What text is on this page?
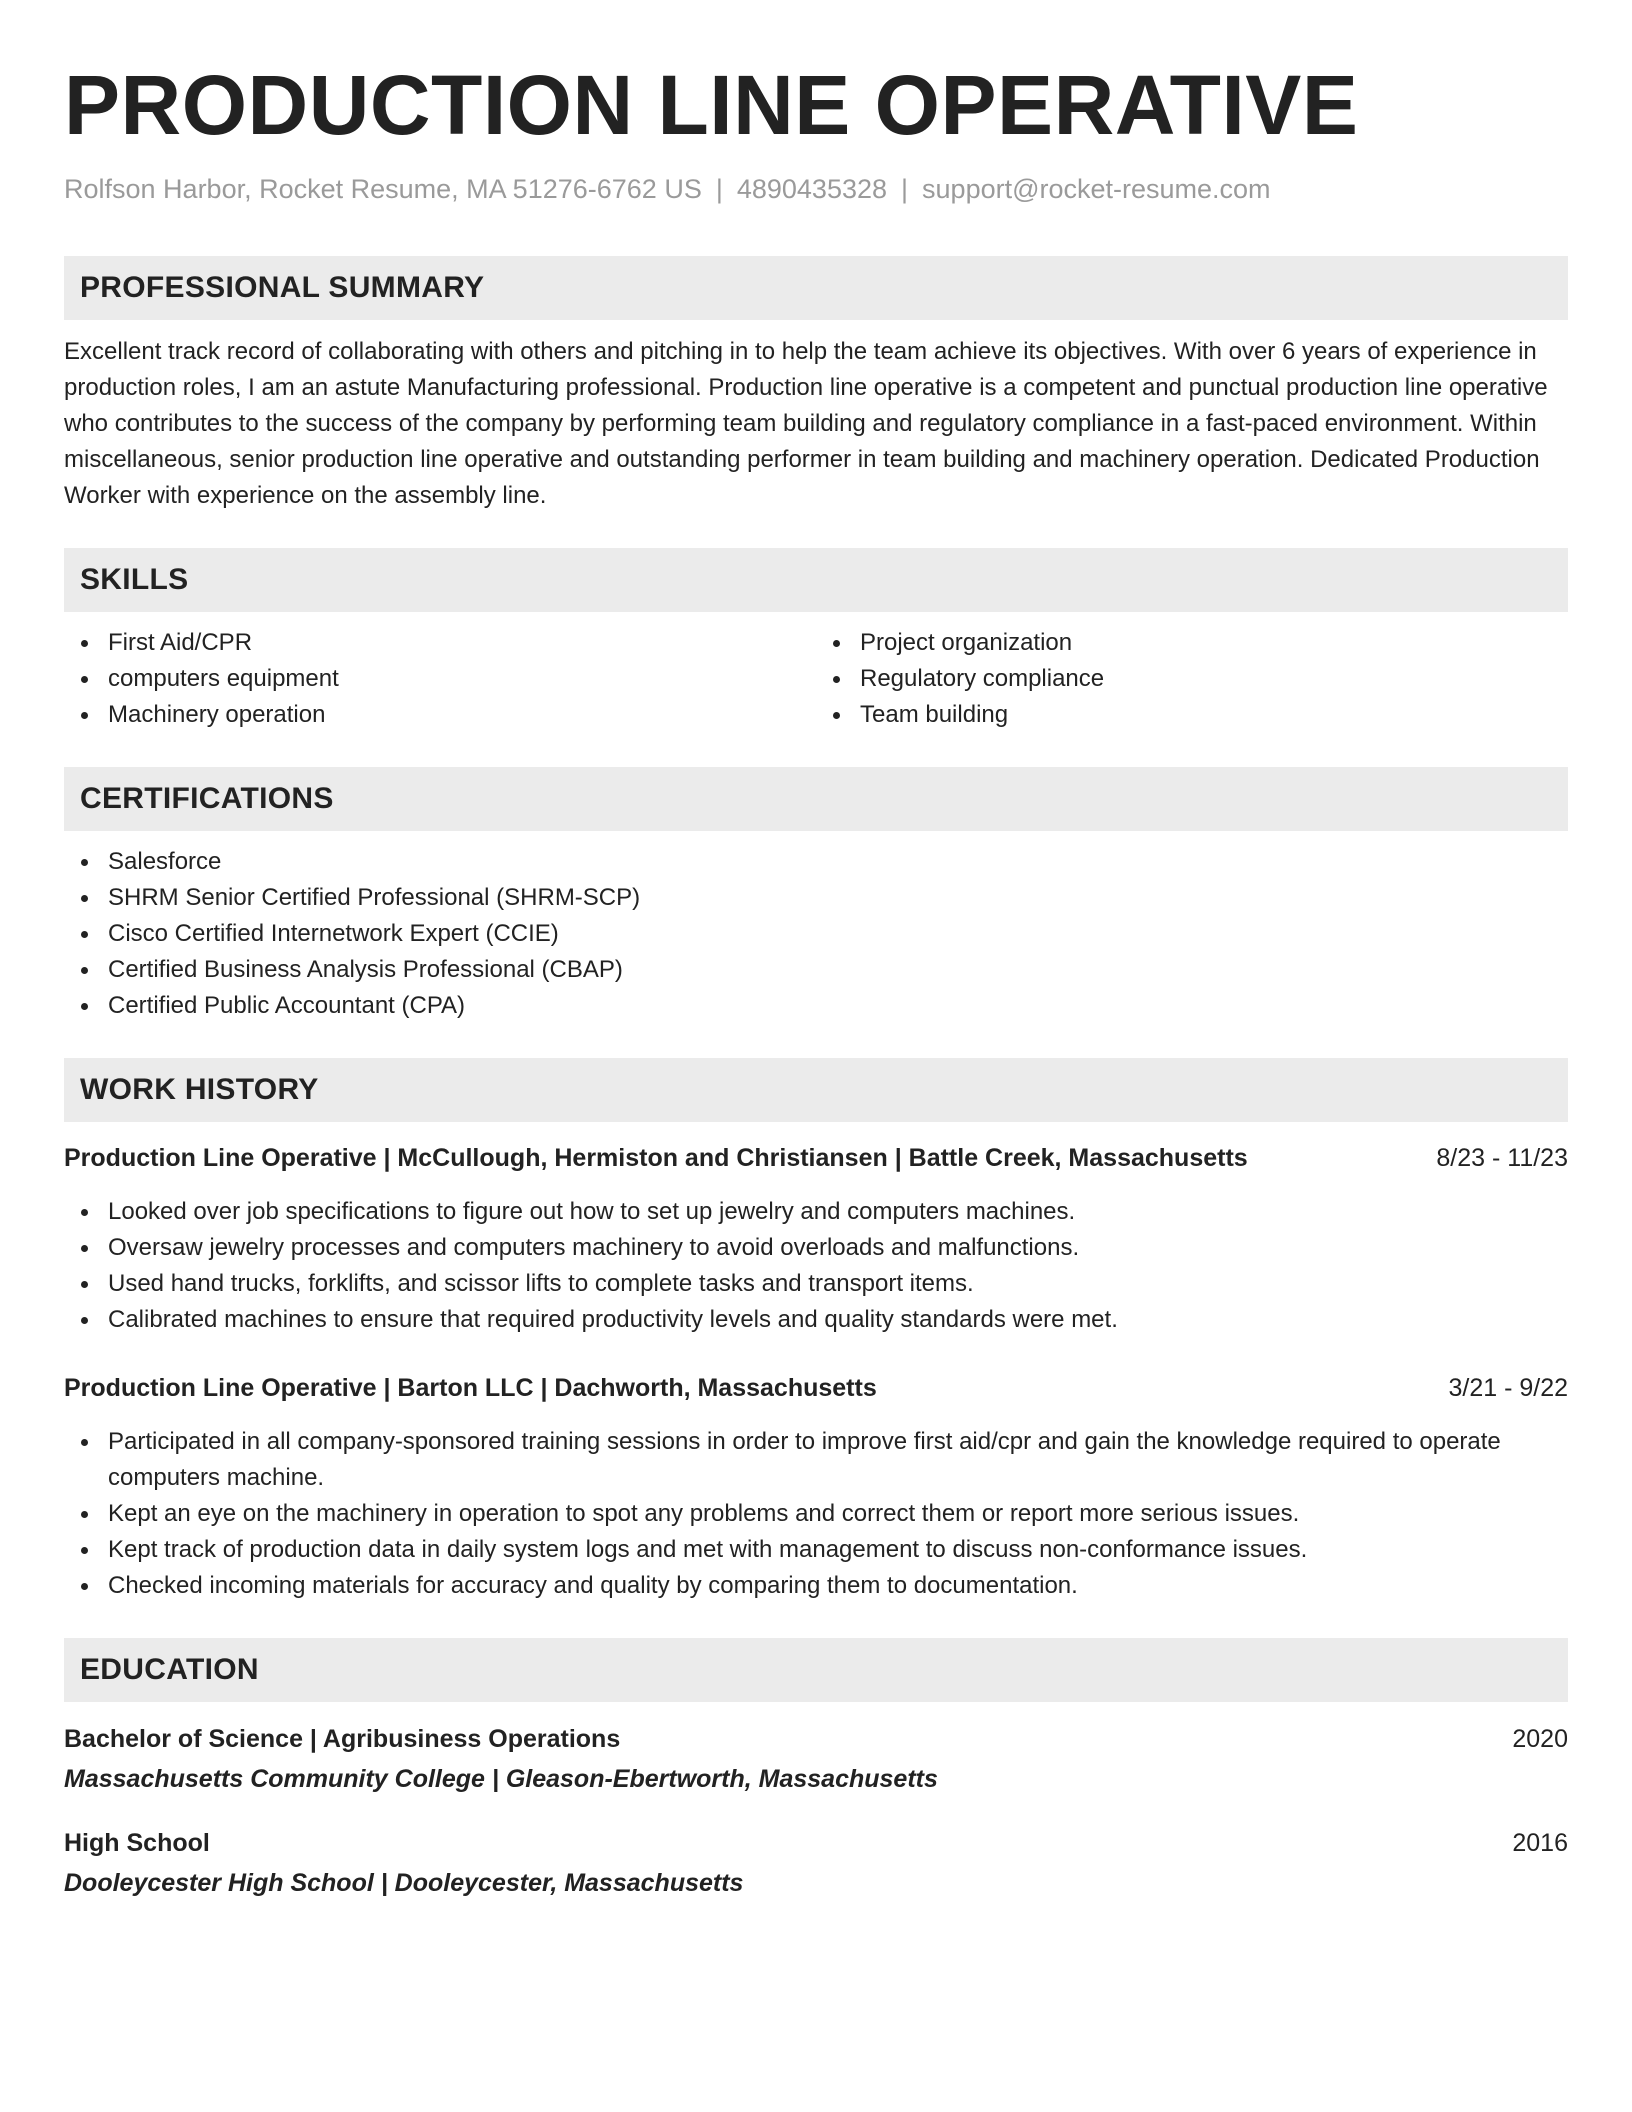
PRODUCTION LINE OPERATIVE
Rolfson Harbor, Rocket Resume, MA 51276-6762 US | 4890435328 | support@rocket-resume.com
PROFESSIONAL SUMMARY

Excellent track record of collaborating with others and pitching in to help the team achieve its objectives. With over 6 years of experience in production roles, I am an astute Manufacturing professional. Production line operative is a competent and punctual production line operative who contributes to the success of the company by performing team building and regulatory compliance in a fast-paced environment. Within miscellaneous, senior production line operative and outstanding performer in team building and machinery operation. Dedicated Production Worker with experience on the assembly line.

SKILLS
First Aid/CPR
computers equipment
Machinery operation
Project organization
Regulatory compliance
Team building
CERTIFICATIONS
Salesforce
SHRM Senior Certified Professional (SHRM-SCP)
Cisco Certified Internetwork Expert (CCIE)
Certified Business Analysis Professional (CBAP)
Certified Public Accountant (CPA)
WORK HISTORY
Production Line Operative | McCullough, Hermiston and Christiansen | Battle Creek, Massachusetts	8/23 - 11/23
Looked over job specifications to figure out how to set up jewelry and computers machines.
Oversaw jewelry processes and computers machinery to avoid overloads and malfunctions.
Used hand trucks, forklifts, and scissor lifts to complete tasks and transport items.
Calibrated machines to ensure that required productivity levels and quality standards were met.
Production Line Operative | Barton LLC | Dachworth, Massachusetts	3/21 - 9/22
Participated in all company-sponsored training sessions in order to improve first aid/cpr and gain the knowledge required to operate computers machine.
Kept an eye on the machinery in operation to spot any problems and correct them or report more serious issues.
Kept track of production data in daily system logs and met with management to discuss non-conformance issues.
Checked incoming materials for accuracy and quality by comparing them to documentation.
EDUCATION
Bachelor of Science | Agribusiness Operations	2020
Massachusetts Community College | Gleason-Ebertworth, Massachusetts
High School	2016
Dooleycester High School | Dooleycester, Massachusetts
